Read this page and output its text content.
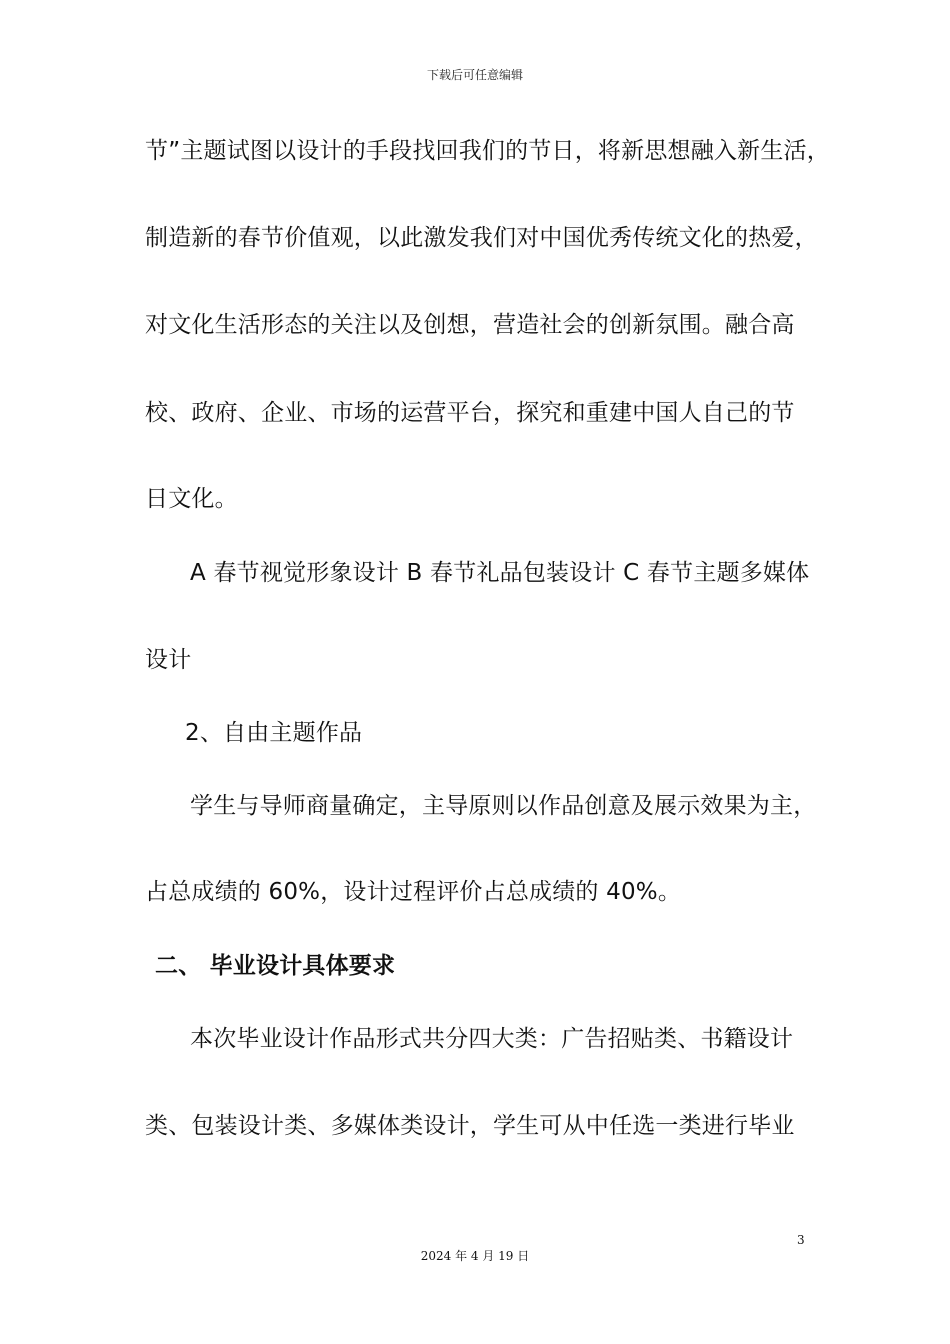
下载后可任意编辑
节”主题试图以设计的手段找回我们的节日，将新思想融入新生活，
制造新的春节价值观，以此激发我们对中国优秀传统文化的热爱，
对文化生活形态的关注以及创想，营造社会的创新氛围。融合高
校、政府、企业、市场的运营平台，探究和重建中国人自己的节
日文化。
A 春节视觉形象设计 B 春节礼品包装设计 C 春节主题多媒体
设计
2、自由主题作品
学生与导师商量确定，主导原则以作品创意及展示效果为主，
占总成绩的 60%，设计过程评价占总成绩的 40%。
二、 毕业设计具体要求
本次毕业设计作品形式共分四大类：广告招贴类、书籍设计
类、包装设计类、多媒体类设计，学生可从中任选一类进行毕业
3
2024 年 4 月 19 日
